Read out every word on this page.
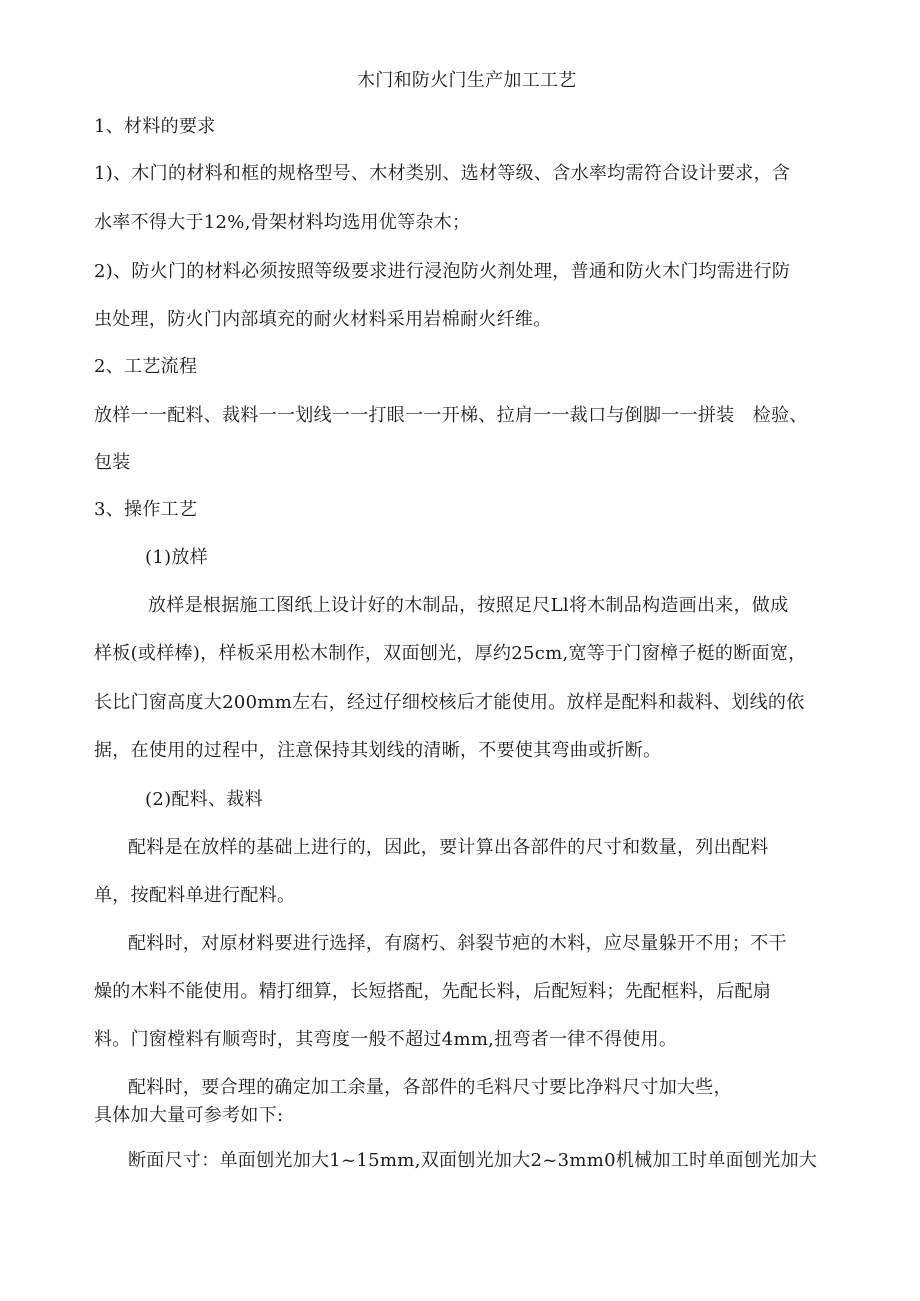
木门和防火门生产加工工艺

1、材料的要求

1)、木门的材料和框的规格型号、木材类别、选材等级、含水率均需符合设计要求，含

水率不得大于12%,骨架材料均选用优等杂木；

2)、防火门的材料必须按照等级要求进行浸泡防火剂处理，普通和防火木门均需进行防

虫处理，防火门内部填充的耐火材料采用岩棉耐火纤维。

2、工艺流程

放样一一配料、裁料一一划线一一打眼一一开梯、拉肩一一裁口与倒脚一一拼装　检验、

包装

3、操作工艺

(1)放样

放样是根据施工图纸上设计好的木制品，按照足尺Ll将木制品构造画出来，做成

样板(或样棒)，样板采用松木制作，双面刨光，厚约25cm,宽等于门窗樟子梃的断面宽，

长比门窗高度大200mm左右，经过仔细校核后才能使用。放样是配料和裁料、划线的依

据，在使用的过程中，注意保持其划线的清晰，不要使其弯曲或折断。

(2)配料、裁料

配料是在放样的基础上进行的，因此，要计算出各部件的尺寸和数量，列出配料

单，按配料单进行配料。

配料时，对原材料要进行选择，有腐朽、斜裂节疤的木料，应尽量躲开不用；不干

燥的木料不能使用。精打细算，长短搭配，先配长料，后配短料；先配框料，后配扇

料。门窗樘料有顺弯时，其弯度一般不超过4mm,扭弯者一律不得使用。

配料时，要合理的确定加工余量，各部件的毛料尺寸要比净料尺寸加大些，

具体加大量可参考如下:

断面尺寸：单面刨光加大1~15mm,双面刨光加大2~3mm0机械加工时单面刨光加大
